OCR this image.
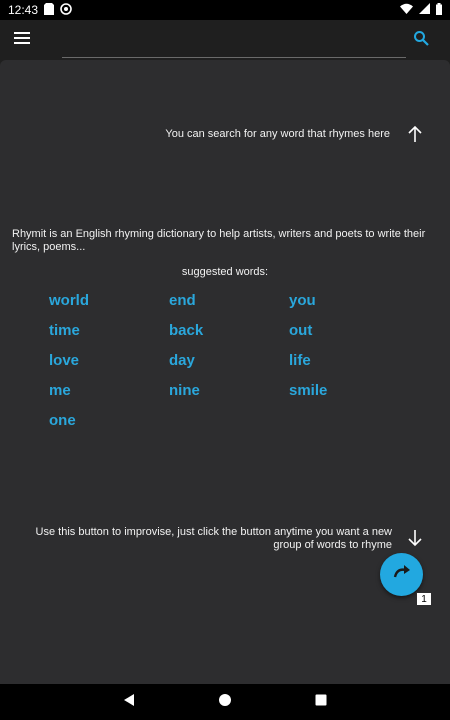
12:43
You can search for any word that rhymes here
Rhymit is an English rhyming dictionary to help artists, writers and poets to write their lyrics, poems...
suggested words:
world	end	you
time	back	out
love	day	life
me	nine	smile
one
Use this button to improvise, just click the button anytime you want a new group of words to rhyme
1
